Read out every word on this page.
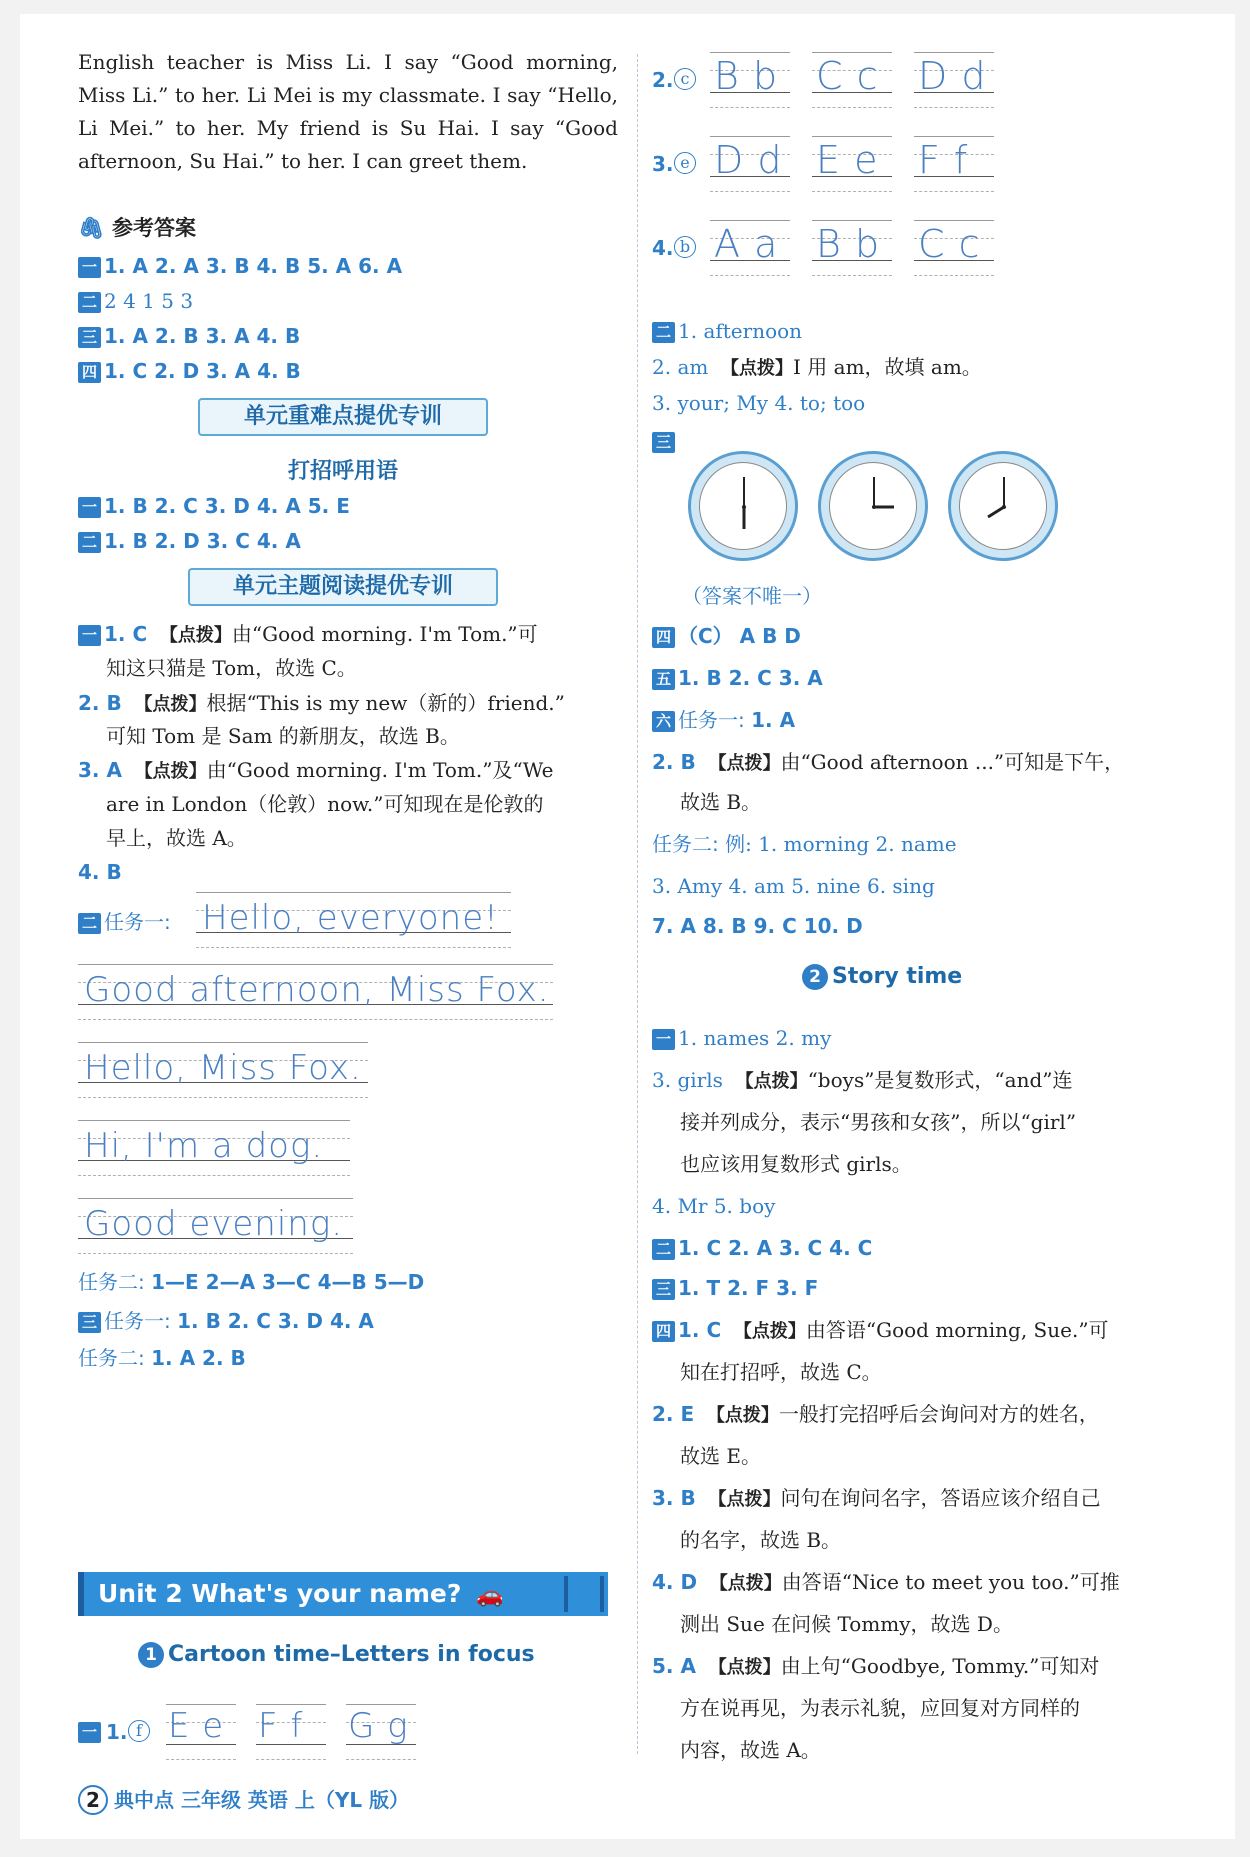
English teacher is Miss Li. I say “Good morning, Miss Li.” to her. Li Mei is my classmate. I say “Hello, Li Mei.” to her. My friend is Su Hai. I say “Good afternoon, Su Hai.” to her. I can greet them.
🖇 参考答案
一 1. A 2. A 3. B 4. B 5. A 6. A
二 2 4 1 5 3
三 1. A 2. B 3. A 4. B
四 1. C 2. D 3. A 4. B
单元重难点提优专训
打招呼用语
一 1. B 2. C 3. D 4. A 5. E
二 1. B 2. D 3. C 4. A
单元主题阅读提优专训
一 1. C 【点拨】由“Good morning. I'm Tom.”可
知这只猫是 Tom，故选 C。
2. B 【点拨】根据“This is my new（新的）friend.”
可知 Tom 是 Sam 的新朋友，故选 B。
3. A 【点拨】由“Good morning. I'm Tom.”及“We
are in London（伦敦）now.”可知现在是伦敦的
早上，故选 A。
4. B
二 任务一: Hello, everyone!
Good afternoon, Miss Fox.
Hello, Miss Fox.
Hi, I'm a dog.
Good evening.
任务二: 1—E 2—A 3—C 4—B 5—D
三 任务一: 1. B 2. C 3. D 4. A
任务二: 1. A 2. B
Unit 2 What's your name? 🚗
1 Cartoon time–Letters in focus
一 1. f E e F f G g
2. c B b C c D d
3. e D d E e F f
4. b A a B b C c
二 1. afternoon
2. am 【点拨】I 用 am，故填 am。
3. your; My 4. to; too
三
（答案不唯一）
四 （C） A B D
五 1. B 2. C 3. A
六 任务一: 1. A
2. B 【点拨】由“Good afternoon ...”可知是下午，
故选 B。
任务二: 例: 1. morning 2. name
3. Amy 4. am 5. nine 6. sing
7. A 8. B 9. C 10. D
2 Story time
一 1. names 2. my
3. girls 【点拨】“boys”是复数形式，“and”连
接并列成分，表示“男孩和女孩”，所以“girl”
也应该用复数形式 girls。
4. Mr 5. boy
二 1. C 2. A 3. C 4. C
三 1. T 2. F 3. F
四 1. C 【点拨】由答语“Good morning, Sue.”可
知在打招呼，故选 C。
2. E 【点拨】一般打完招呼后会询问对方的姓名，
故选 E。
3. B 【点拨】问句在询问名字，答语应该介绍自己
的名字，故选 B。
4. D 【点拨】由答语“Nice to meet you too.”可推
测出 Sue 在问候 Tommy，故选 D。
5. A 【点拨】由上句“Goodbye, Tommy.”可知对
方在说再见，为表示礼貌，应回复对方同样的
内容，故选 A。
2 典中点 三年级 英语 上（YL 版）
